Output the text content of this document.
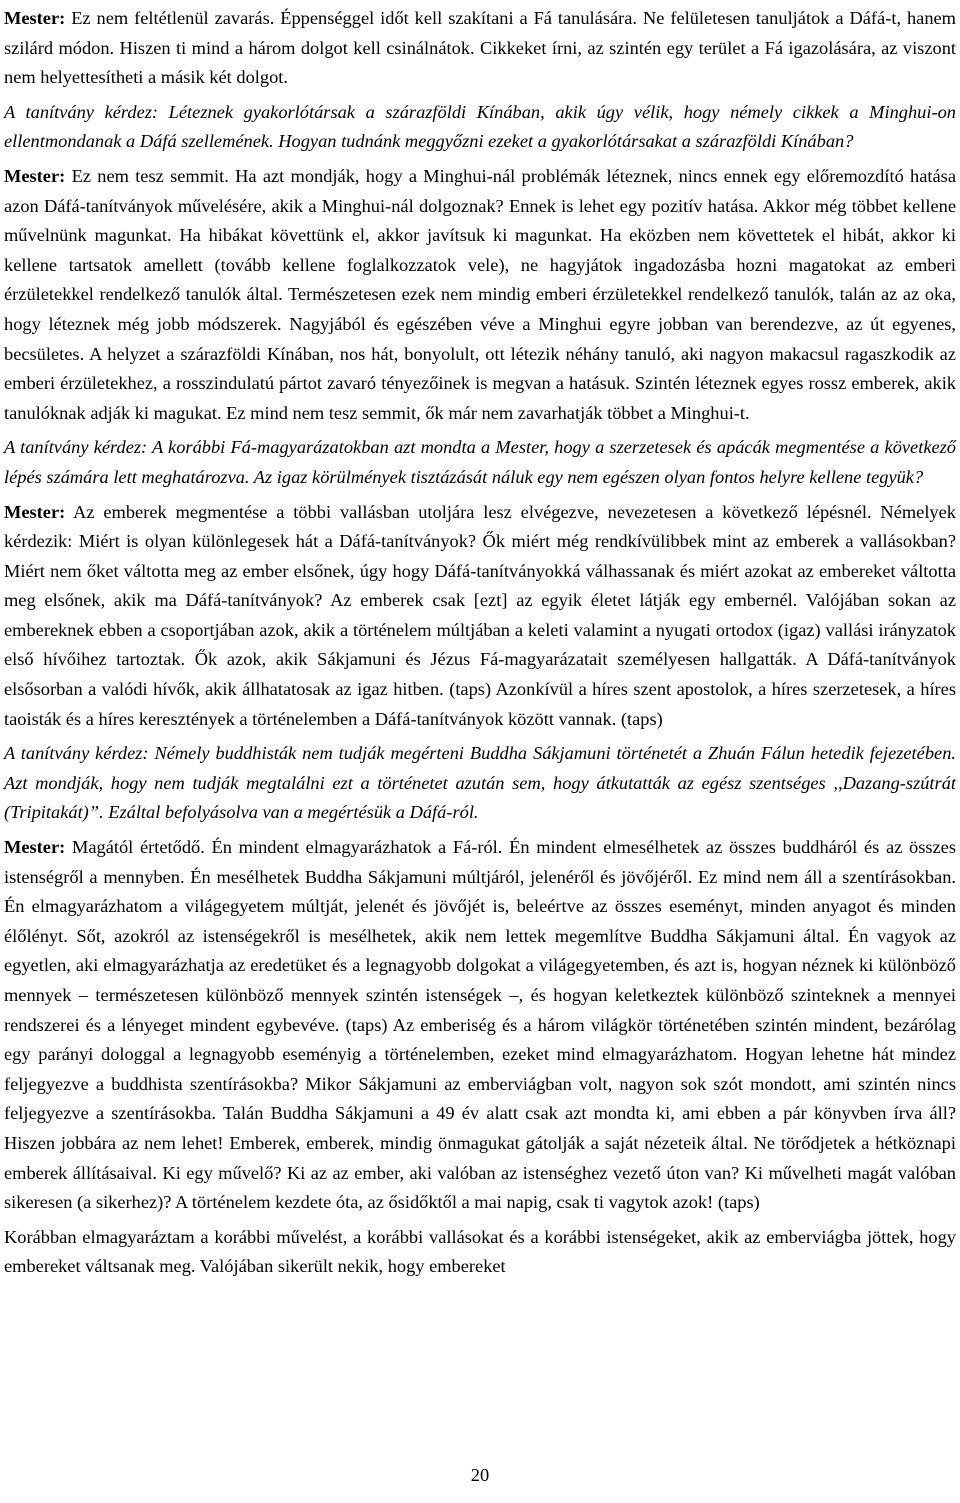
Mester: Ez nem feltétlenül zavarás. Éppenséggel időt kell szakítani a Fá tanulására. Ne felületesen tanuljátok a Dáfá-t, hanem szilárd módon. Hiszen ti mind a három dolgot kell csinálnátok. Cikkeket írni, az szintén egy terület a Fá igazolására, az viszont nem helyettesítheti a másik két dolgot.

A tanítvány kérdez: Léteznek gyakorlótársak a szárazföldi Kínában, akik úgy vélik, hogy némely cikkek a Minghui-on ellentmondanak a Dáfá szellemének. Hogyan tudnánk meggyőzni ezeket a gyakorlótársakat a szárazföldi Kínában?

Mester: Ez nem tesz semmit. Ha azt mondják, hogy a Minghui-nál problémák léteznek, nincs ennek egy előremozdító hatása azon Dáfá-tanítványok művelésére, akik a Minghui-nál dolgoznak? Ennek is lehet egy pozitív hatása. Akkor még többet kellene művelnünk magunkat. Ha hibákat követtünk el, akkor javítsuk ki magunkat. Ha eközben nem követtetek el hibát, akkor ki kellene tartsatok amellett (tovább kellene foglalkozzatok vele), ne hagyjátok ingadozásba hozni magatokat az emberi érzületekkel rendelkező tanulók által. Természetesen ezek nem mindig emberi érzületekkel rendelkező tanulók, talán az az oka, hogy léteznek még jobb módszerek. Nagyjából és egészében véve a Minghui egyre jobban van berendezve, az út egyenes, becsületes. A helyzet a szárazföldi Kínában, nos hát, bonyolult, ott létezik néhány tanuló, aki nagyon makacsul ragaszkodik az emberi érzületekhez, a rosszindulatú pártot zavaró tényezőinek is megvan a hatásuk. Szintén léteznek egyes rossz emberek, akik tanulóknak adják ki magukat. Ez mind nem tesz semmit, ők már nem zavarhatják többet a Minghui-t.

A tanítvány kérdez: A korábbi Fá-magyarázatokban azt mondta a Mester, hogy a szerzetesek és apácák megmentése a következő lépés számára lett meghatározva. Az igaz körülmények tisztázását náluk egy nem egészen olyan fontos helyre kellene tegyük?

Mester: Az emberek megmentése a többi vallásban utoljára lesz elvégezve, nevezetesen a következő lépésnél. Némelyek kérdezik: Miért is olyan különlegesek hát a Dáfá-tanítványok? Ők miért még rendkívülibbek mint az emberek a vallásokban? Miért nem őket váltotta meg az ember elsőnek, úgy hogy Dáfá-tanítványokká válhassanak és miért azokat az embereket váltotta meg elsőnek, akik ma Dáfá-tanítványok? Az emberek csak [ezt] az egyik életet látják egy embernél. Valójában sokan az embereknek ebben a csoportjában azok, akik a történelem múltjában a keleti valamint a nyugati ortodox (igaz) vallási irányzatok első hívőihez tartoztak. Ők azok, akik Sákjamuni és Jézus Fá-magyarázatait személyesen hallgatták. A Dáfá-tanítványok elsősorban a valódi hívők, akik állhatatosak az igaz hitben. (taps) Azonkívül a híres szent apostolok, a híres szerzetesek, a híres taoisták és a híres keresztények a történelemben a Dáfá-tanítványok között vannak. (taps)

A tanítvány kérdez: Némely buddhisták nem tudják megérteni Buddha Sákjamuni történetét a Zhuán Fálun hetedik fejezetében. Azt mondják, hogy nem tudják megtalálni ezt a történetet azután sem, hogy átkutatták az egész szentséges ,,Dazang-szútrát (Tripitakát)”. Ezáltal befolyásolva van a megértésük a Dáfá-ról.

Mester: Magától értetődő. Én mindent elmagyarázhatok a Fá-ról. Én mindent elmesélhetek az összes buddháról és az összes istenségről a mennyben. Én mesélhetek Buddha Sákjamuni múltjáról, jelenéről és jövőjéről. Ez mind nem áll a szentírásokban. Én elmagyarázhatom a világegyetem múltját, jelenét és jövőjét is, beleértve az összes eseményt, minden anyagot és minden élőlényt. Sőt, azokról az istenségekről is mesélhetek, akik nem lettek megemlítve Buddha Sákjamuni által. Én vagyok az egyetlen, aki elmagyarázhatja az eredetüket és a legnagyobb dolgokat a világegyetemben, és azt is, hogyan néznek ki különböző mennyek – természetesen különböző mennyek szintén istenségek –, és hogyan keletkeztek különböző szinteknek a mennyei rendszerei és a lényeget mindent egybevéve. (taps) Az emberiség és a három világkör történetében szintén mindent, bezárólag egy parányi dologgal a legnagyobb eseményig a történelemben, ezeket mind elmagyarázhatom. Hogyan lehetne hát mindez feljegyezve a buddhista szentírásokba? Mikor Sákjamuni az emberviágban volt, nagyon sok szót mondott, ami szintén nincs feljegyezve a szentírásokba. Talán Buddha Sákjamuni a 49 év alatt csak azt mondta ki, ami ebben a pár könyvben írva áll? Hiszen jobbára az nem lehet! Emberek, emberek, mindig önmagukat gátolják a saját nézeteik által. Ne törődjetek a hétköznapi emberek állításaival. Ki egy művelő? Ki az az ember, aki valóban az istenséghez vezető úton van? Ki művelheti magát valóban sikeresen (a sikerhez)? A történelem kezdete óta, az ősidőktől a mai napig, csak ti vagytok azok! (taps)

Korábban elmagyaráztam a korábbi művelést, a korábbi vallásokat és a korábbi istenségeket, akik az emberviágba jöttek, hogy embereket váltsanak meg. Valójában sikerült nekik, hogy embereket

20
